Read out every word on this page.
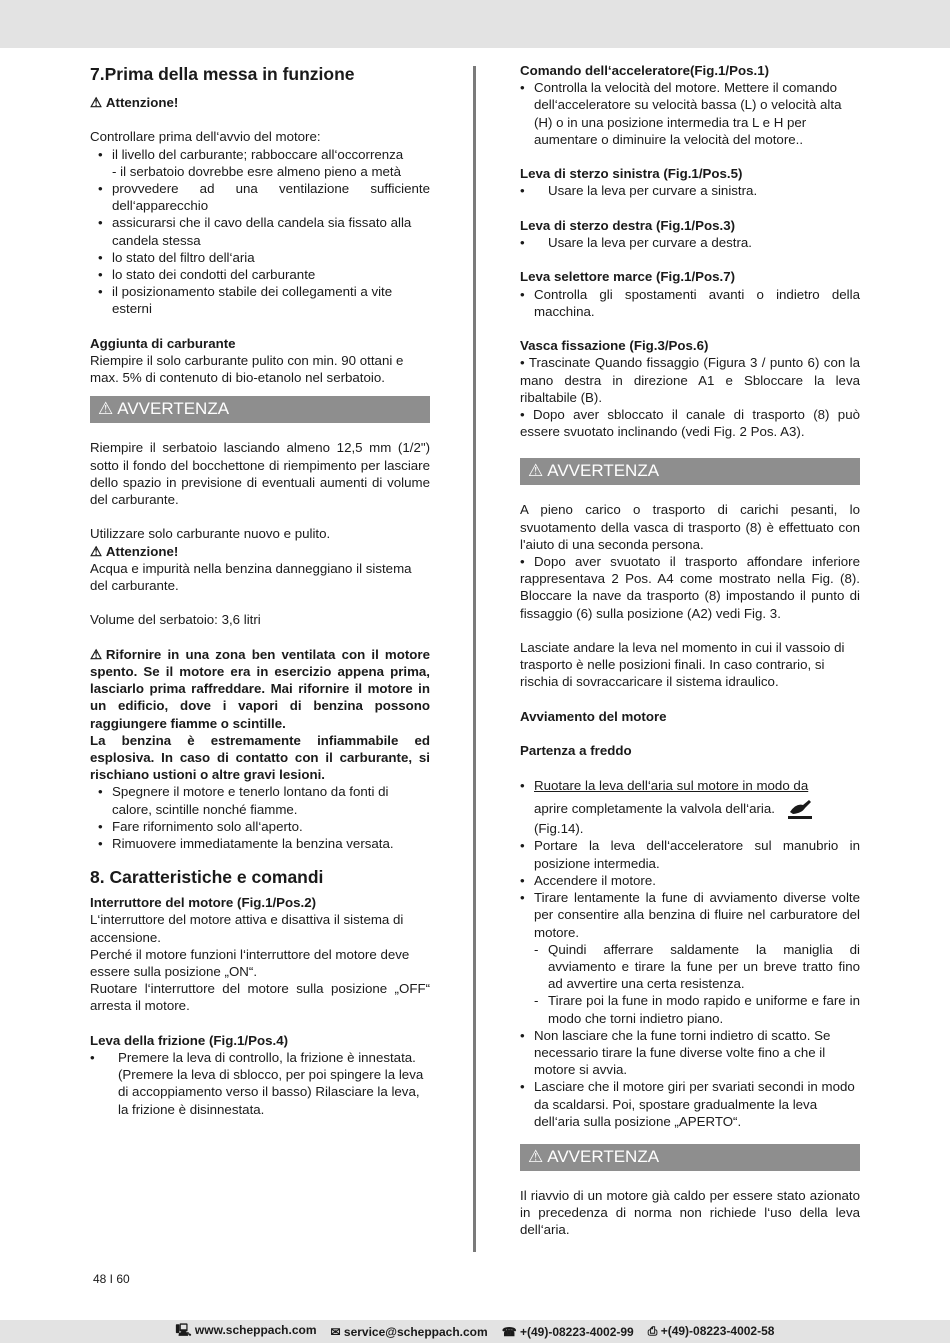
7.Prima della messa in funzione

⚠ Attenzione!

Controllare prima dell‘avvio del motore:

• il livello del carburante; rabboccare all‘occorrenza
- il serbatoio dovrebbe esre almeno pieno a metà
• provvedere ad una ventilazione sufficiente dell‘apparecchio
• assicurarsi che il cavo della candela sia fissato alla candela stessa
• lo stato del filtro dell‘aria
• lo stato dei condotti del carburante
• il posizionamento stabile dei collegamenti a vite esterni

Aggiunta di carburante

Riempire il solo carburante pulito con min. 90 ottani e max. 5% di contenuto di bio-etanolo nel serbatoio.

⚠ AVVERTENZA

Riempire il serbatoio lasciando almeno 12,5 mm (1/2") sotto il fondo del bocchettone di riempimento per lasciare dello spazio in previsione di eventuali aumenti di volume del carburante.

Utilizzare solo carburante nuovo e pulito.

⚠ Attenzione!

Acqua e impurità nella benzina danneggiano il sistema del carburante.

Volume del serbatoio: 3,6 litri

⚠ Rifornire in una zona ben ventilata con il motore spento. Se il motore era in esercizio appena prima, lasciarlo prima raffreddare. Mai rifornire il motore in un edificio, dove i vapori di benzina possono raggiungere fiamme o scintille.

La benzina è estremamente infiammabile ed esplosiva. In caso di contatto con il carburante, si rischiano ustioni o altre gravi lesioni.

• Spegnere il motore e tenerlo lontano da fonti di calore, scintille nonché fiamme.
• Fare rifornimento solo all‘aperto.
• Rimuovere immediatamente la benzina versata.
8. Caratteristiche e comandi

Interruttore del motore (Fig.1/Pos.2)

L‘interruttore del motore attiva e disattiva il sistema di accensione.

Perché il motore funzioni l‘interruttore del motore deve essere sulla posizione „ON“.

Ruotare l‘interruttore del motore sulla posizione „OFF“ arresta il motore.

Leva della frizione (Fig.1/Pos.4)

• Premere la leva di controllo, la frizione è innestata. (Premere la leva di sblocco, per poi spingere la leva di accoppiamento verso il basso) Rilasciare la leva, la frizione è disinnestata.

Comando dell‘acceleratore(Fig.1/Pos.1)

• Controlla la velocità del motore. Mettere il comando dell‘acceleratore su velocità bassa (L) o velocità alta (H) o in una posizione intermedia tra L e H per aumentare o diminuire la velocità del motore..

Leva di sterzo sinistra (Fig.1/Pos.5)

• Usare la leva per curvare a sinistra.

Leva di sterzo destra (Fig.1/Pos.3)

• Usare la leva per curvare a destra.

Leva selettore marce (Fig.1/Pos.7)

• Controlla gli spostamenti avanti o indietro della macchina.

Vasca fissazione (Fig.3/Pos.6)

• Trascinate Quando fissaggio (Figura 3 / punto 6) con la mano destra in direzione A1 e Sbloccare la leva ribaltabile (B).

• Dopo aver sbloccato il canale di trasporto (8) può essere svuotato inclinando (vedi Fig. 2 Pos. A3).

⚠ AVVERTENZA

A pieno carico o trasporto di carichi pesanti, lo svuotamento della vasca di trasporto (8) è effettuato con l'aiuto di una seconda persona.

• Dopo aver svuotato il trasporto affondare inferiore rappresentava 2 Pos. A4 come mostrato nella Fig. (8). Bloccare la nave da trasporto (8) impostando il punto di fissaggio (6) sulla posizione (A2) vedi Fig. 3.

Lasciate andare la leva nel momento in cui il vassoio di trasporto è nelle posizioni finali. In caso contrario, si rischia di sovraccaricare il sistema idraulico.

Avviamento del motore

Partenza a freddo

• Ruotare la leva dell‘aria sul motore in modo da
aprire completamente la valvola dell‘aria.
(Fig.14).
• Portare la leva dell‘acceleratore sul manubrio in posizione intermedia.
• Accendere il motore.
• Tirare lentamente la fune di avviamento diverse volte per consentire alla benzina di fluire nel carburatore del motore.
- Quindi afferrare saldamente la maniglia di avviamento e tirare la fune per un breve tratto fino ad avvertire una certa resistenza.
- Tirare poi la fune in modo rapido e uniforme e fare in modo che torni indietro piano.
• Non lasciare che la fune torni indietro di scatto. Se necessario tirare la fune diverse volte fino a che il motore si avvia.
• Lasciare che il motore giri per svariati secondi in modo da scaldarsi. Poi, spostare gradualmente la leva dell‘aria sulla posizione „APERTO“.
⚠ AVVERTENZA

Il riavvio di un motore già caldo per essere stato azionato in precedenza di norma non richiede l‘uso della leva dell‘aria.

48 I 60
🖳 www.scheppach.com ✉ service@scheppach.com ☎ +(49)-08223-4002-99 ⎙ +(49)-08223-4002-58
